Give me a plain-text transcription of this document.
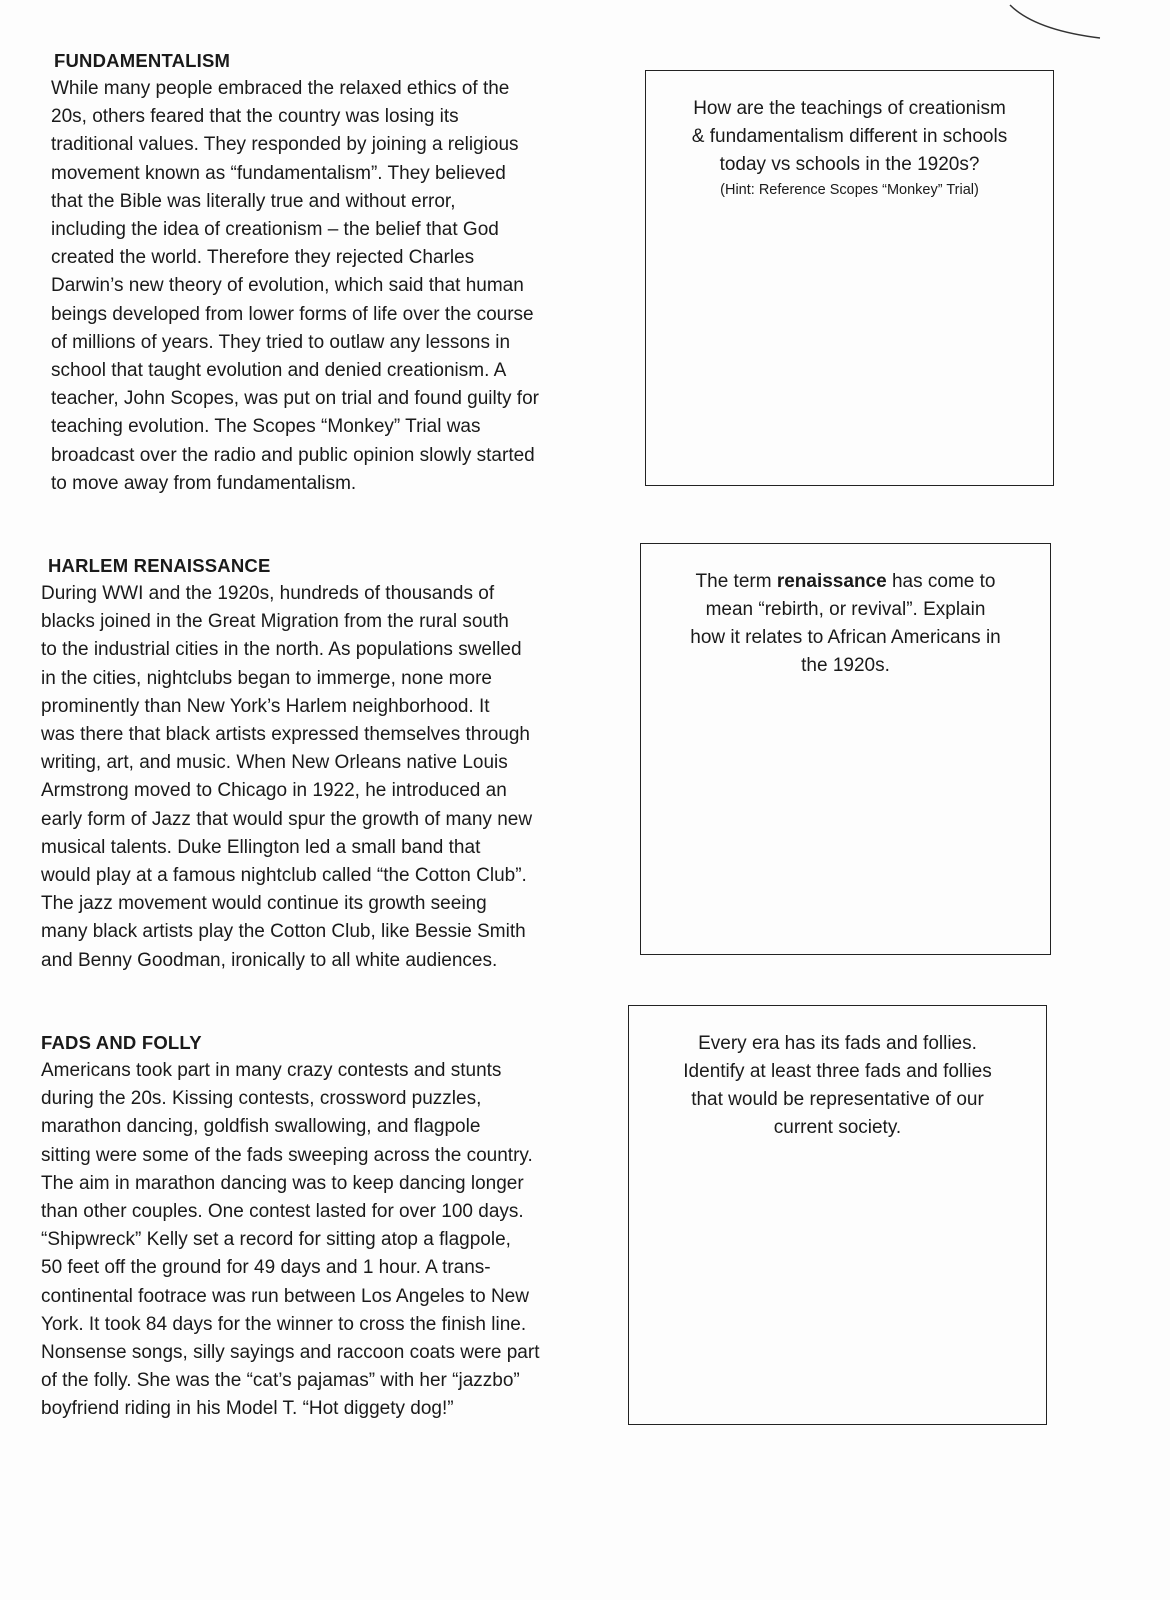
FUNDAMENTALISM
While many people embraced the relaxed ethics of the
20s, others feared that the country was losing its
traditional values. They responded by joining a religious
movement known as “fundamentalism”. They believed
that the Bible was literally true and without error,
including the idea of creationism – the belief that God
created the world. Therefore they rejected Charles
Darwin’s new theory of evolution, which said that human
beings developed from lower forms of life over the course
of millions of years. They tried to outlaw any lessons in
school that taught evolution and denied creationism. A
teacher, John Scopes, was put on trial and found guilty for
teaching evolution. The Scopes “Monkey” Trial was
broadcast over the radio and public opinion slowly started
to move away from fundamentalism.
How are the teachings of creationism
& fundamentalism different in schools
today vs schools in the 1920s?
(Hint: Reference Scopes “Monkey” Trial)
HARLEM RENAISSANCE
During WWI and the 1920s, hundreds of thousands of
blacks joined in the Great Migration from the rural south
to the industrial cities in the north. As populations swelled
in the cities, nightclubs began to immerge, none more
prominently than New York’s Harlem neighborhood. It
was there that black artists expressed themselves through
writing, art, and music. When New Orleans native Louis
Armstrong moved to Chicago in 1922, he introduced an
early form of Jazz that would spur the growth of many new
musical talents. Duke Ellington led a small band that
would play at a famous nightclub called “the Cotton Club”.
The jazz movement would continue its growth seeing
many black artists play the Cotton Club, like Bessie Smith
and Benny Goodman, ironically to all white audiences.
The term renaissance has come to
mean “rebirth, or revival”. Explain
how it relates to African Americans in
the 1920s.
FADS AND FOLLY
Americans took part in many crazy contests and stunts
during the 20s. Kissing contests, crossword puzzles,
marathon dancing, goldfish swallowing, and flagpole
sitting were some of the fads sweeping across the country.
The aim in marathon dancing was to keep dancing longer
than other couples. One contest lasted for over 100 days.
“Shipwreck” Kelly set a record for sitting atop a flagpole,
50 feet off the ground for 49 days and 1 hour. A trans-
continental footrace was run between Los Angeles to New
York. It took 84 days for the winner to cross the finish line.
Nonsense songs, silly sayings and raccoon coats were part
of the folly. She was the “cat’s pajamas” with her “jazzbo”
boyfriend riding in his Model T. “Hot diggety dog!”
Every era has its fads and follies.
Identify at least three fads and follies
that would be representative of our
current society.
